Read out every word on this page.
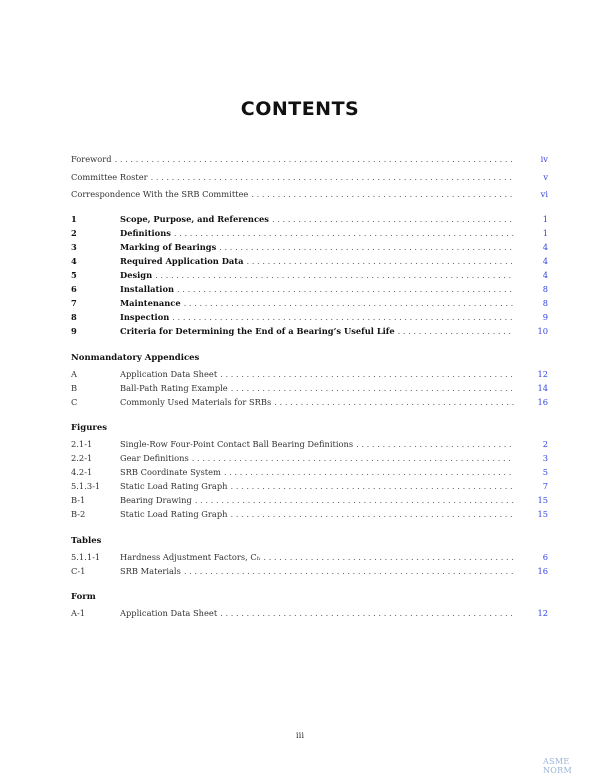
CONTENTS
Foreword . . .	iv
Committee Roster . . .	v
Correspondence With the SRB Committee . . .	vi
1	Scope, Purpose, and References . . .	1
2	Definitions . . .	1
3	Marking of Bearings . . .	4
4	Required Application Data . . .	4
5	Design . . .	4
6	Installation . . .	8
7	Maintenance . . .	8
8	Inspection . . .	9
9	Criteria for Determining the End of a Bearing’s Useful Life . . .	10
Nonmandatory Appendices
A	Application Data Sheet . . .	12
B	Ball-Path Rating Example . . .	14
C	Commonly Used Materials for SRBs . . .	16
Figures
2.1-1	Single-Row Four-Point Contact Ball Bearing Definitions . . .	2
2.2-1	Gear Definitions . . .	3
4.2-1	SRB Coordinate System . . .	5
5.1.3-1	Static Load Rating Graph . . .	7
B-1	Bearing Drawing . . .	15
B-2	Static Load Rating Graph . . .	15
Tables
5.1.1-1	Hardness Adjustment Factors, Cₕ . . .	6
C-1	SRB Materials . . .	16
Form
A-1	Application Data Sheet . . .	12
iii
ASME NORM
